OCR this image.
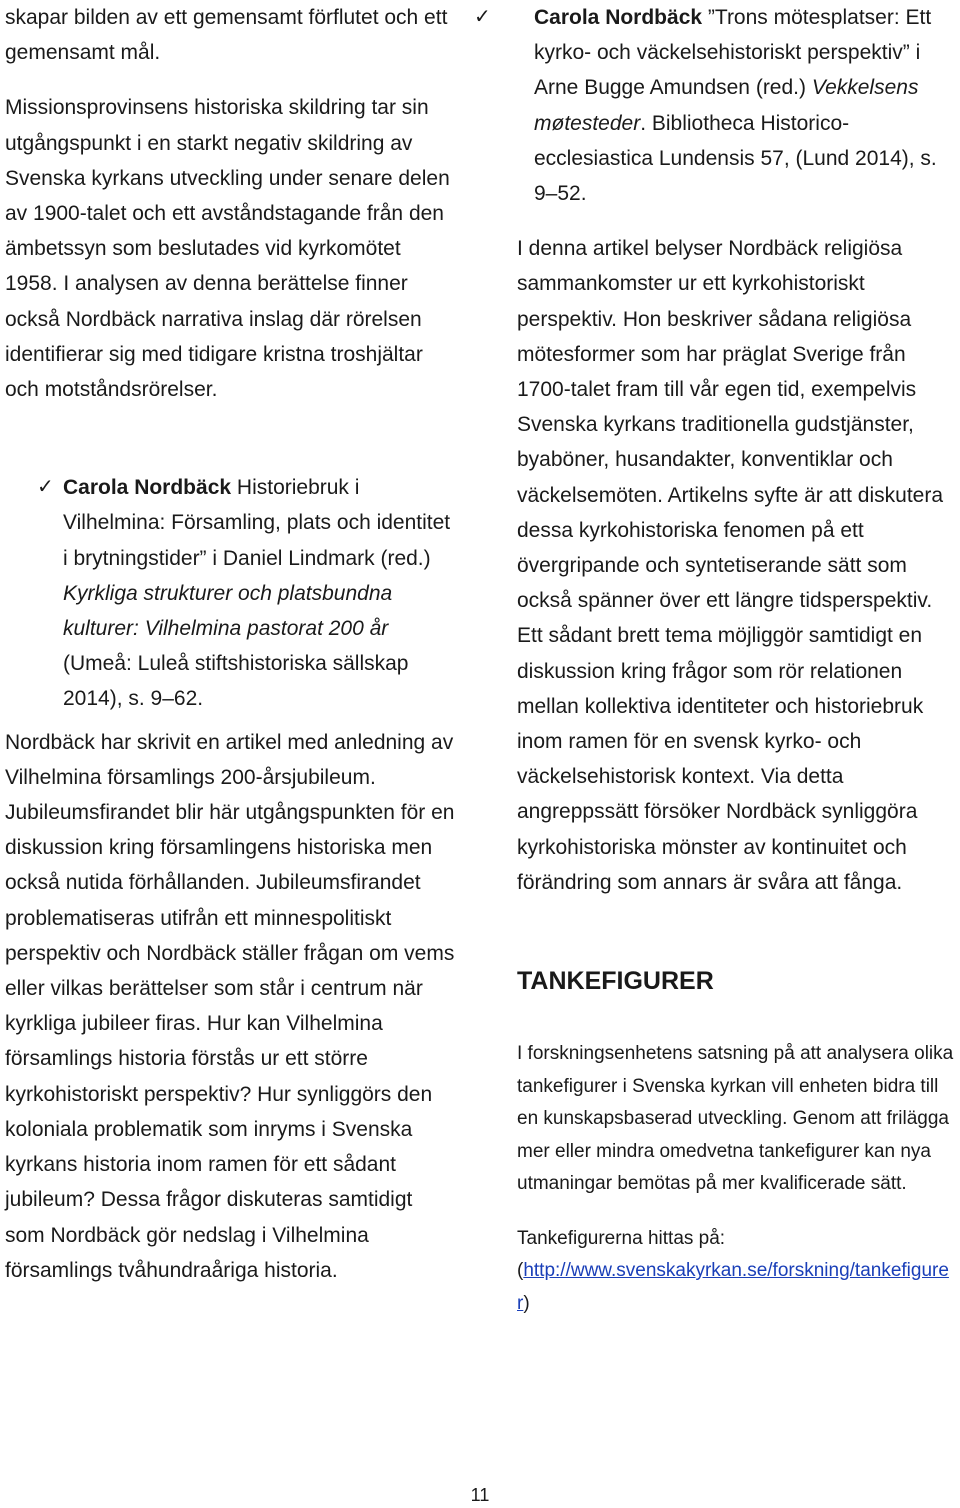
skapar bilden av ett gemensamt förflutet och ett gemensamt mål.

Missionsprovinsens historiska skildring tar sin utgångspunkt i en starkt negativ skildring av Svenska kyrkans utveckling under senare delen av 1900-talet och ett avståndstagande från den ämbetssyn som beslutades vid kyrkomötet 1958. I analysen av denna berättelse finner också Nordbäck narrativa inslag där rörelsen identifierar sig med tidigare kristna troshjältar och motståndsrörelser.

✓ Carola Nordbäck Historiebruk i Vilhelmina: Församling, plats och identitet i brytningstider” i Daniel Lindmark (red.) Kyrkliga strukturer och platsbundna kulturer: Vilhelmina pastorat 200 år (Umeå: Luleå stiftshistoriska sällskap 2014), s. 9–62.

Nordbäck har skrivit en artikel med anledning av Vilhelmina församlings 200-årsjubileum. Jubileumsfirandet blir här utgångspunkten för en diskussion kring församlingens historiska men också nutida förhållanden. Jubileumsfirandet problematiseras utifrån ett minnespolitiskt perspektiv och Nordbäck ställer frågan om vems eller vilkas berättelser som står i centrum när kyrkliga jubileer firas. Hur kan Vilhelmina församlings historia förstås ur ett större kyrkohistoriskt perspektiv? Hur synliggörs den koloniala problematik som inryms i Svenska kyrkans historia inom ramen för ett sådant jubileum? Dessa frågor diskuteras samtidigt som Nordbäck gör nedslag i Vilhelmina församlings tvåhundraåriga historia.

✓ Carola Nordbäck ”Trons mötesplatser: Ett kyrko- och väckelsehistoriskt perspektiv” i Arne Bugge Amundsen (red.) Vekkelsens møtesteder. Bibliotheca Historico-ecclesiastica Lundensis 57, (Lund 2014), s. 9–52.

I denna artikel belyser Nordbäck religiösa sammankomster ur ett kyrkohistoriskt perspektiv. Hon beskriver sådana religiösa mötesformer som har präglat Sverige från 1700-talet fram till vår egen tid, exempelvis Svenska kyrkans traditionella gudstjänster, byaböner, husandakter, konventiklar och väckelsemöten. Artikelns syfte är att diskutera dessa kyrkohistoriska fenomen på ett övergripande och syntetiserande sätt som också spänner över ett längre tidsperspektiv. Ett sådant brett tema möjliggör samtidigt en diskussion kring frågor som rör relationen mellan kollektiva identiteter och historiebruk inom ramen för en svensk kyrko- och väckelsehistorisk kontext. Via detta angreppssätt försöker Nordbäck synliggöra kyrkohistoriska mönster av kontinuitet och förändring som annars är svåra att fånga.

TANKEFIGURER

I forskningsenhetens satsning på att analysera olika tankefigurer i Svenska kyrkan vill enheten bidra till en kunskapsbaserad utveckling. Genom att frilägga mer eller mindra omedvetna tankefigurer kan nya utmaningar bemötas på mer kvalificerade sätt.

Tankefigurerna hittas på:

(http://www.svenskakyrkan.se/forskning/tankefigurer)

11
